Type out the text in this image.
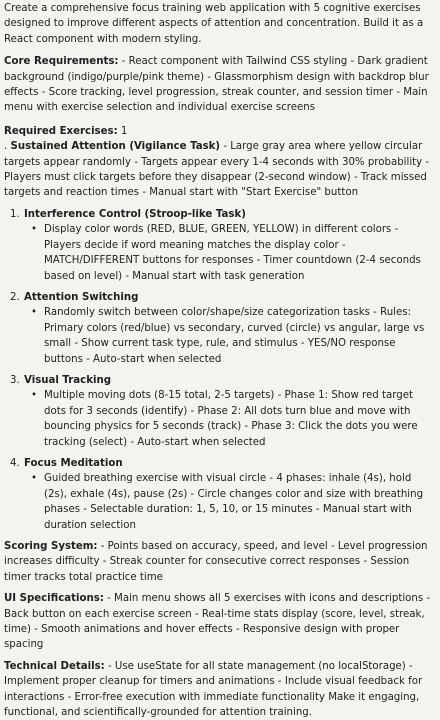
Create a comprehensive focus training web application with 5 cognitive exercises designed to improve different aspects of attention and concentration. Build it as a React component with modern styling.

Core Requirements: - React component with Tailwind CSS styling - Dark gradient background (indigo/purple/pink theme) - Glassmorphism design with backdrop blur effects - Score tracking, level progression, streak counter, and session timer - Main menu with exercise selection and individual exercise screens

Required Exercises: 1
. Sustained Attention (Vigilance Task) - Large gray area where yellow circular targets appear randomly - Targets appear every 1-4 seconds with 30% probability - Players must click targets before they disappear (2-second window) - Track missed targets and reaction times - Manual start with "Start Exercise" button

1. Interference Control (Stroop-like Task)
• Display color words (RED, BLUE, GREEN, YELLOW) in different colors - Players decide if word meaning matches the display color - MATCH/DIFFERENT buttons for responses - Timer countdown (2-4 seconds based on level) - Manual start with task generation
2. Attention Switching
• Randomly switch between color/shape/size categorization tasks - Rules: Primary colors (red/blue) vs secondary, curved (circle) vs angular, large vs small - Show current task type, rule, and stimulus - YES/NO response buttons - Auto-start when selected
3. Visual Tracking
• Multiple moving dots (8-15 total, 2-5 targets) - Phase 1: Show red target dots for 3 seconds (identify) - Phase 2: All dots turn blue and move with bouncing physics for 5 seconds (track) - Phase 3: Click the dots you were tracking (select) - Auto-start when selected
4. Focus Meditation
• Guided breathing exercise with visual circle - 4 phases: inhale (4s), hold (2s), exhale (4s), pause (2s) - Circle changes color and size with breathing phases - Selectable duration: 1, 5, 10, or 15 minutes - Manual start with duration selection

Scoring System: - Points based on accuracy, speed, and level - Level progression increases difficulty - Streak counter for consecutive correct responses - Session timer tracks total practice time

UI Specifications: - Main menu shows all 5 exercises with icons and descriptions - Back button on each exercise screen - Real-time stats display (score, level, streak, time) - Smooth animations and hover effects - Responsive design with proper spacing

Technical Details: - Use useState for all state management (no localStorage) - Implement proper cleanup for timers and animations - Include visual feedback for interactions - Error-free execution with immediate functionality Make it engaging, functional, and scientifically-grounded for attention training.
